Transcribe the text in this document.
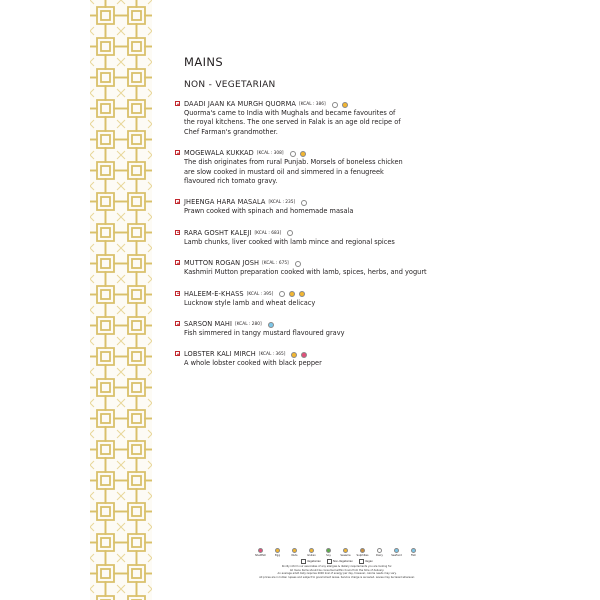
MAINS
NON - VEGETARIAN
DAADI JAAN KA MURGH QUORMA [KCAL : 386]
Quorma's came to India with Mughals and became favourites of
the royal kitchens. The one served in Falak is an age old recipe of
Chef Farman's grandmother.
MOGEWALA KUKKAD [KCAL : 308]
The dish originates from rural Punjab. Morsels of boneless chicken
are slow cooked in mustard oil and simmered in a fenugreek
flavoured rich tomato gravy.
JHEENGA HARA MASALA [KCAL : 235]
Prawn cooked with spinach and homemade masala
RARA GOSHT KALEJI [KCAL : 683]
Lamb chunks, liver cooked with lamb mince and regional spices
MUTTON ROGAN JOSH [KCAL : 675]
Kashmiri Mutton preparation cooked with lamb, spices, herbs, and yogurt
HALEEM-E-KHASS [KCAL : 395]
Lucknow style lamb and wheat delicacy
SARSON MAHI [KCAL : 280]
Fish simmered in tangy mustard flavoured gravy
LOBSTER KALI MIRCH [KCAL : 365]
A whole lobster cooked with black pepper
Shellfish	Egg	Nuts	Gluten	Soy	Sesame Sulphites	Dairy	Seafood	Fish
Vegetarian	Non-Vegetarian	Vegan
Kindly inform our associates of any allergies & dietary requirements you are looking for.
All menu items should be consumed within hours from the time of delivery.
An average adult daily requires 2000 kcal of energy per day, however, calorie needs may vary.
All prices are in Indian rupees and subject to government levies. Service charge is as levied. Levies may be taxed wherever.
